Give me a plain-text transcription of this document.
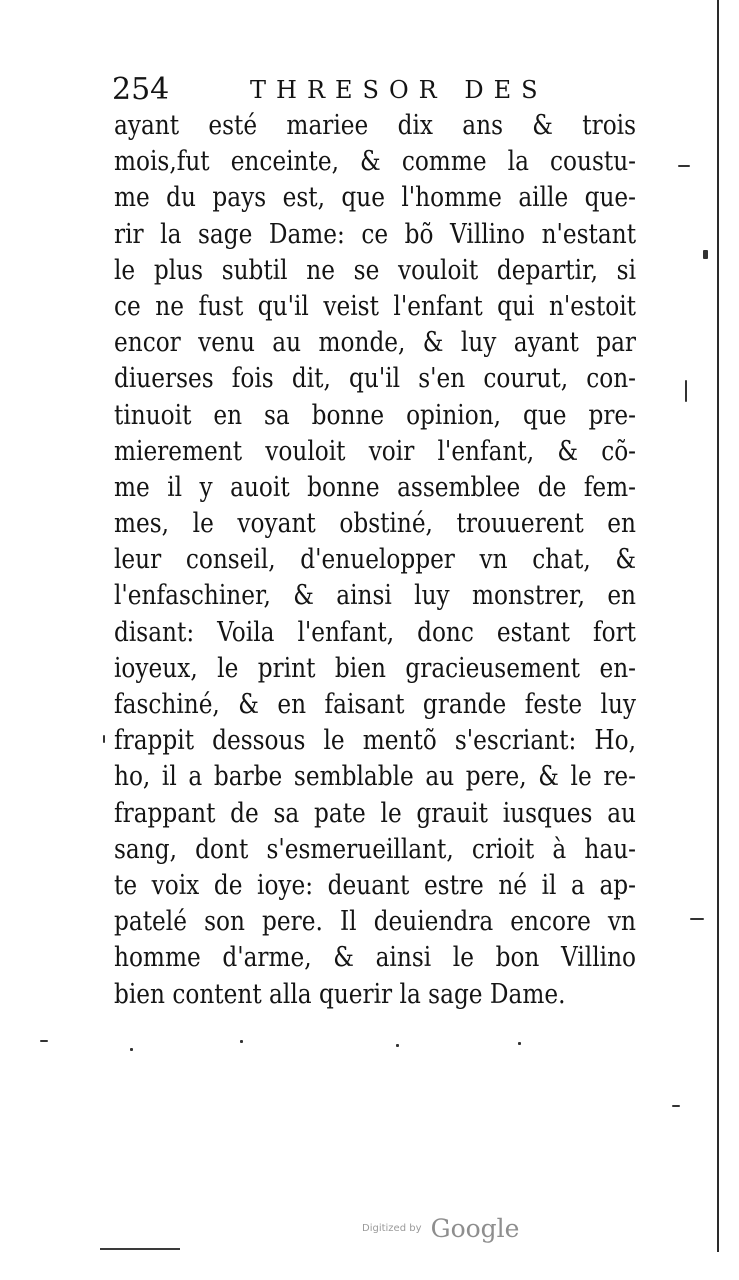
254	THRESOR DES
ayant esté mariee dix ans & trois
mois,fut enceinte, & comme la coustu-
me du pays est, que l'homme aille que-
rir la sage Dame: ce bõ Villino n'estant
le plus subtil ne se vouloit departir, si
ce ne fust qu'il veist l'enfant qui n'estoit
encor venu au monde, & luy ayant par
diuerses fois dit, qu'il s'en courut, con-
tinuoit en sa bonne opinion, que pre-
mierement vouloit voir l'enfant, & cõ-
me il y auoit bonne assemblee de fem-
mes, le voyant obstiné, trouuerent en
leur conseil, d'enuelopper vn chat, &
l'enfaschiner, & ainsi luy monstrer, en
disant: Voila l'enfant, donc estant fort
ioyeux, le print bien gracieusement en-
faschiné, & en faisant grande feste luy
frappit dessous le mentõ s'escriant: Ho,
ho, il a barbe semblable au pere, & le re-
frappant de sa pate le grauit iusques au
sang, dont s'esmerueillant, crioit à hau-
te voix de ioye: deuant estre né il a ap-
patelé son pere. Il deuiendra encore vn
homme d'arme, & ainsi le bon Villino
bien content alla querir la sage Dame.
Digitized by Google
